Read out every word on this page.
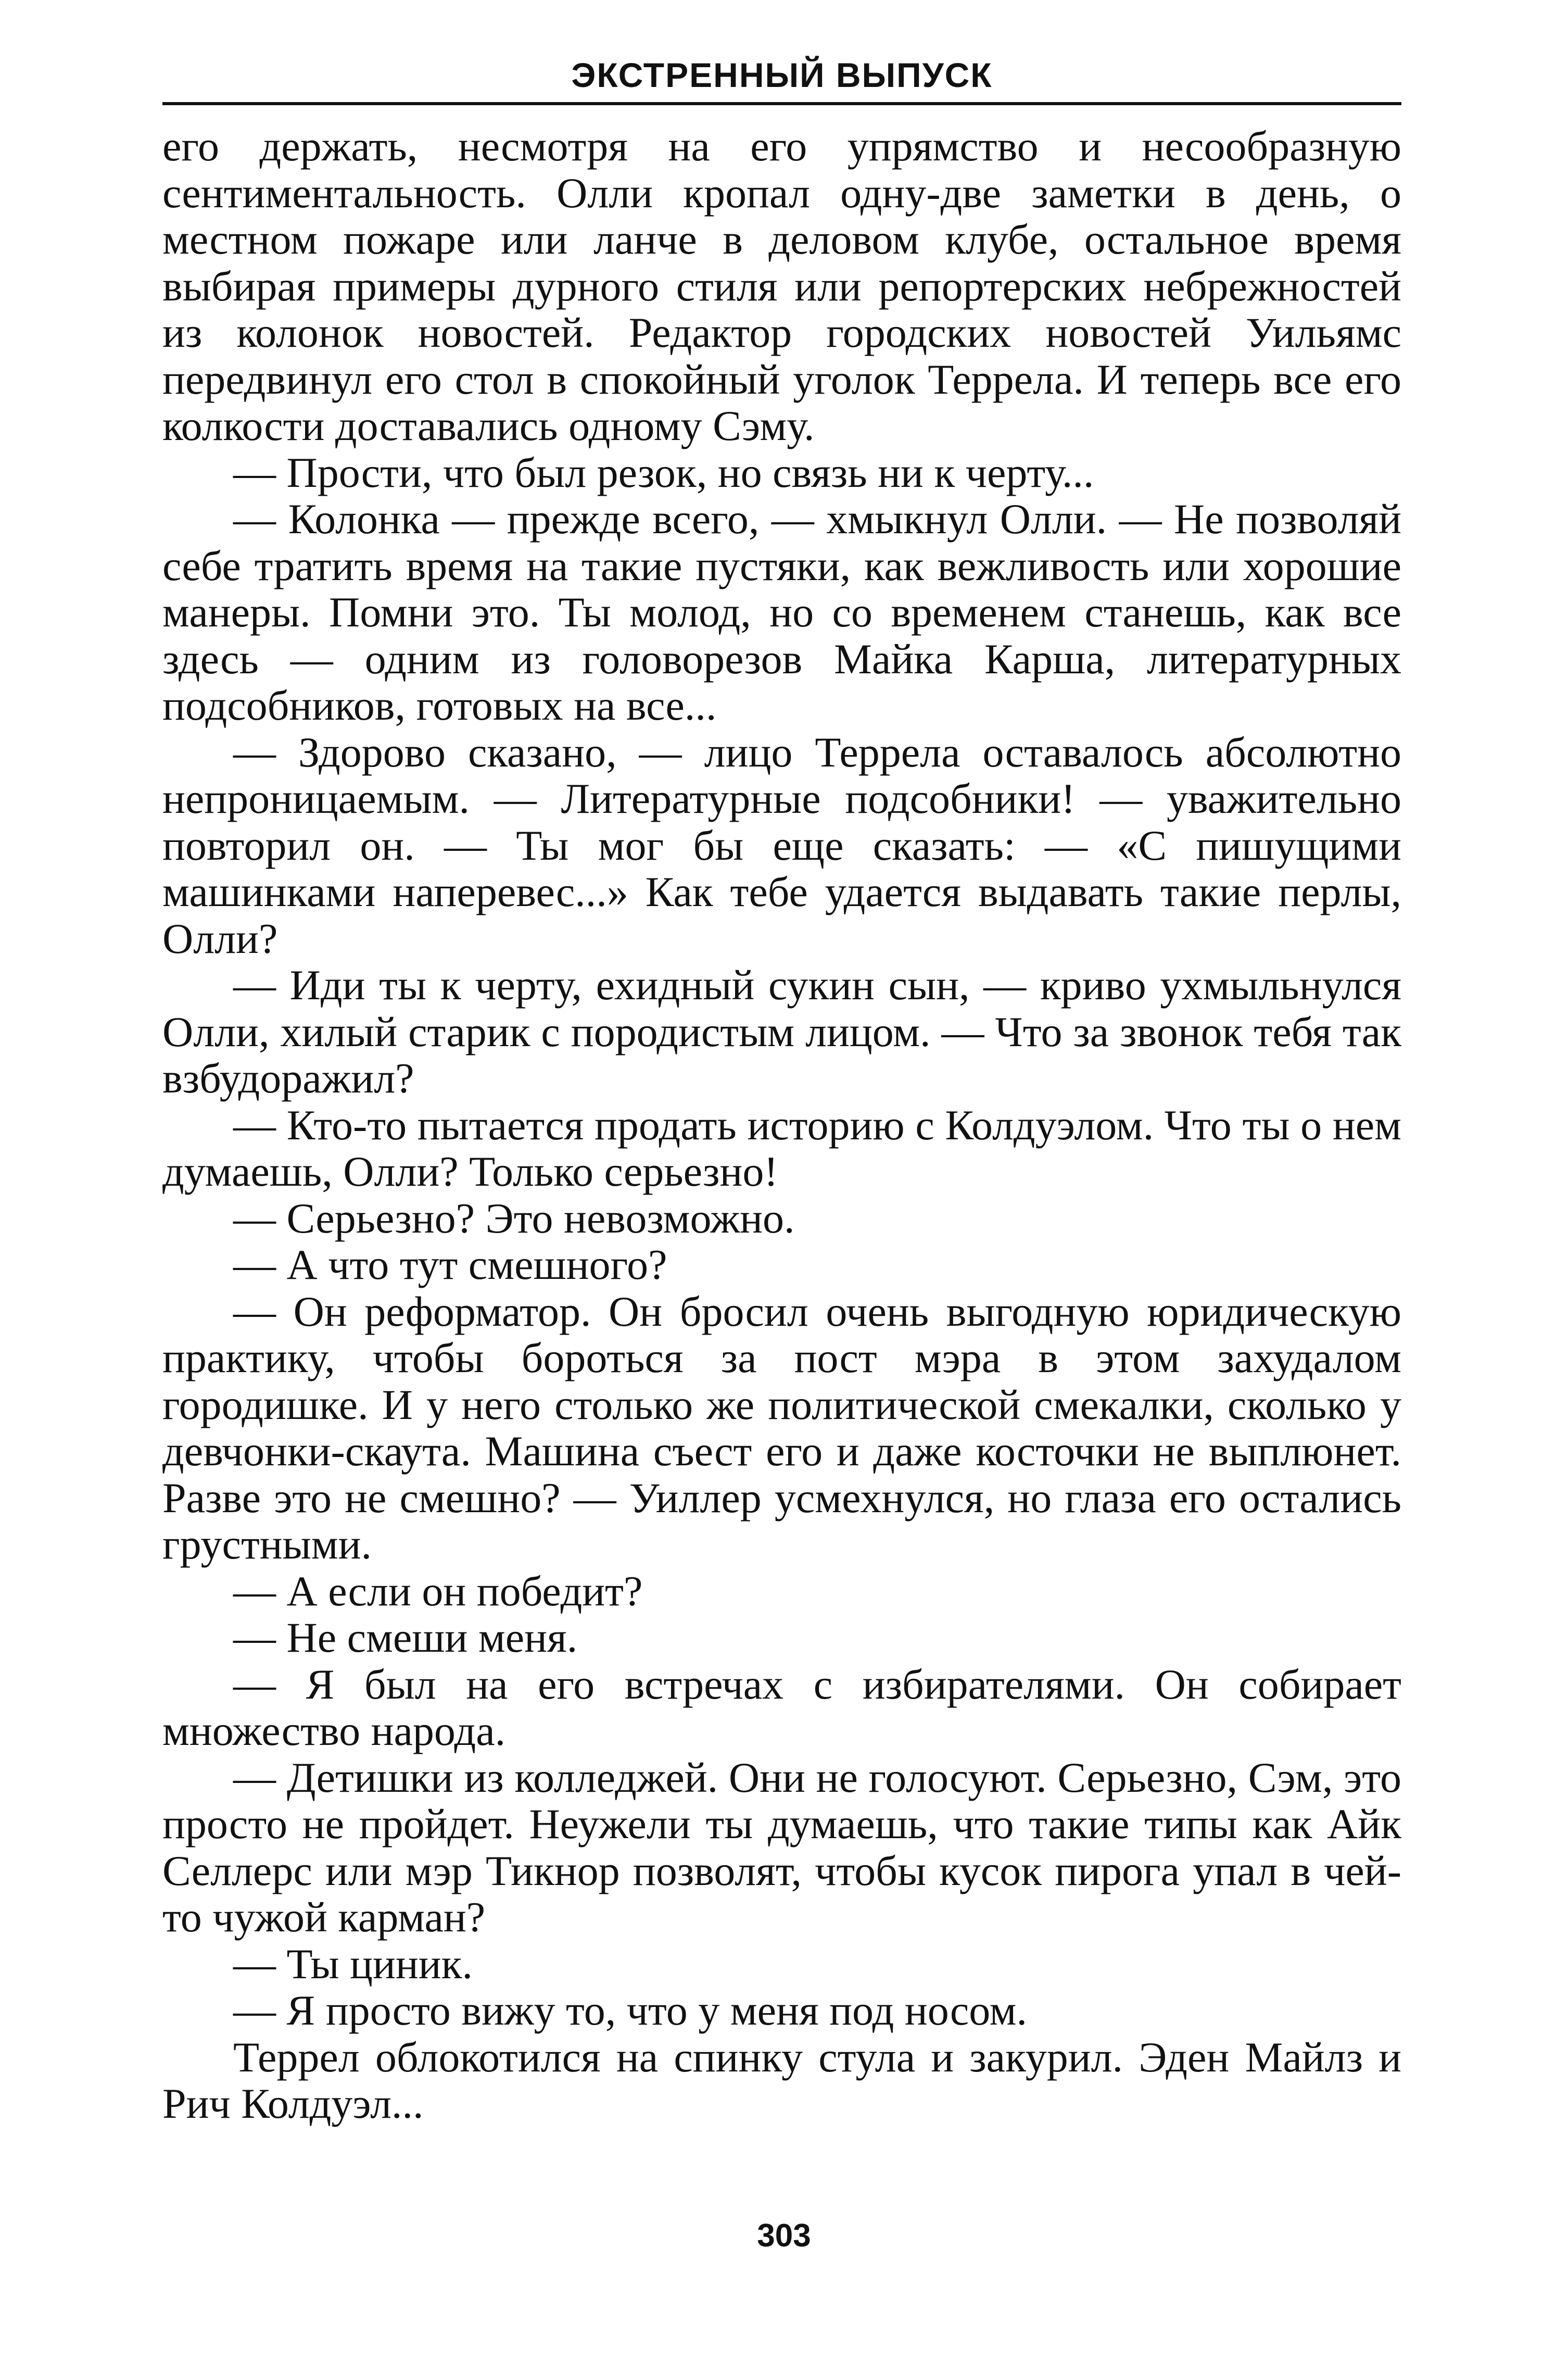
ЭКСТРЕННЫЙ ВЫПУСК

его держать, несмотря на его упрямство и несообразную сентиментальность. Олли кропал одну-две заметки в день, о местном пожаре или ланче в деловом клубе, остальное время выбирая примеры дурного стиля или репортерских небрежностей из колонок новостей. Редактор городских новостей Уильямс передвинул его стол в спокойный уголок Террела. И теперь все его колкости доставались одному Сэму.

— Прости, что был резок, но связь ни к черту...

— Колонка — прежде всего, — хмыкнул Олли. — Не позволяй себе тратить время на такие пустяки, как вежливость или хорошие манеры. Помни это. Ты молод, но со временем станешь, как все здесь — одним из головорезов Майка Карша, литературных подсобников, готовых на все...

— Здорово сказано, — лицо Террела оставалось абсолютно непроницаемым. — Литературные подсобники! — уважительно повторил он. — Ты мог бы еще сказать: — «С пишущими машинками наперевес...» Как тебе удается выдавать такие перлы, Олли?

— Иди ты к черту, ехидный сукин сын, — криво ухмыльнулся Олли, хилый старик с породистым лицом. — Что за звонок тебя так взбудоражил?

— Кто-то пытается продать историю с Колдуэлом. Что ты о нем думаешь, Олли? Только серьезно!

— Серьезно? Это невозможно.

— А что тут смешного?

— Он реформатор. Он бросил очень выгодную юридическую практику, чтобы бороться за пост мэра в этом захудалом городишке. И у него столько же политической смекалки, сколько у девчонки-скаута. Машина съест его и даже косточки не выплюнет. Разве это не смешно? — Уиллер усмехнулся, но глаза его остались грустными.

— А если он победит?

— Не смеши меня.

— Я был на его встречах с избирателями. Он собирает множество народа.

— Детишки из колледжей. Они не голосуют. Серьезно, Сэм, это просто не пройдет. Неужели ты думаешь, что такие типы как Айк Селлерс или мэр Тикнор позволят, чтобы кусок пирога упал в чей-то чужой карман?

— Ты циник.

— Я просто вижу то, что у меня под носом.

Террел облокотился на спинку стула и закурил. Эден Майлз и Рич Колдуэл...

303
